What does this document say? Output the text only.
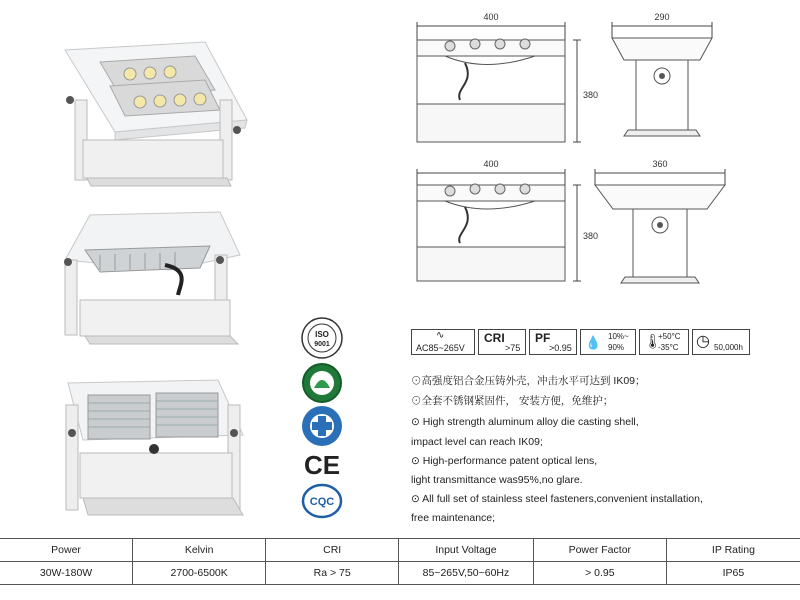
400
380
290
400
380
360
∿
AC85~265V
CRI
>75
PF
>0.95 💧 10%~
90% 🌡
+50°C
-35°C ◷ 50,000h
⊙高强度铝合金压铸外壳，冲击水平可达到 IK09；
⊙全套不锈钢紧固件， 安装方便，免维护；
⊙ High strength aluminum alloy die casting shell,
impact level can reach IK09;
⊙ High-performance patent optical lens,
light transmittance was95%,no glare.
⊙ All full set of stainless steel fasteners,convenient installation,
free maintenance;
ISO
9001
CE
CQC
Power	Kelvin	CRI	Input Voltage	Power Factor	IP Rating
30W-180W	2700-6500K	Ra > 75	85~265V,50~60Hz	> 0.95	IP65
